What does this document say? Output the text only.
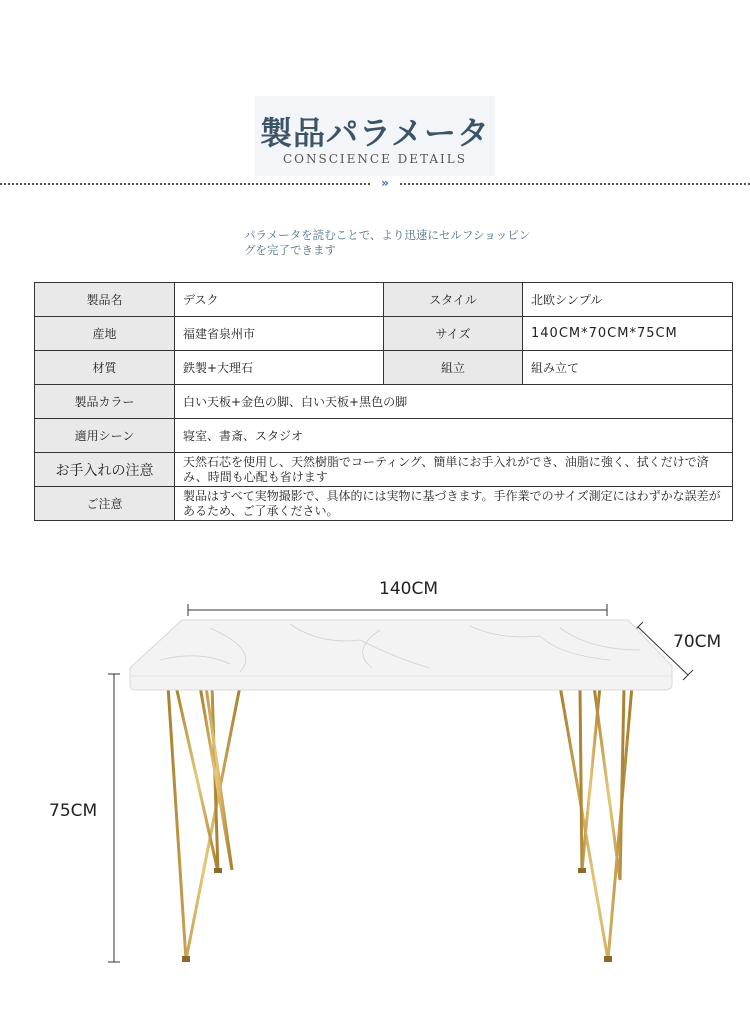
製品パラメータ
CONSCIENCE DETAILS
»
パラメータを読むことで、より迅速にセルフショッピングを完了できます
製品名	デスク	スタイル	北欧シンプル
産地	福建省泉州市	サイズ	140CM*70CM*75CM
材質	鉄製+大理石	組立	組み立て
製品カラー	白い天板+金色の脚、白い天板+黒色の脚		
適用シーン	寝室、書斎、スタジオ		
お手入れの注意	天然石芯を使用し、天然樹脂でコーティング、簡単にお手入れができ、油脂に強く、拭くだけで済み、時間も心配も省けます		
ご注意	製品はすべて実物撮影で、具体的には実物に基づきます。手作業でのサイズ測定にはわずかな誤差があるため、ご了承ください。		
140CM
70CM
75CM
